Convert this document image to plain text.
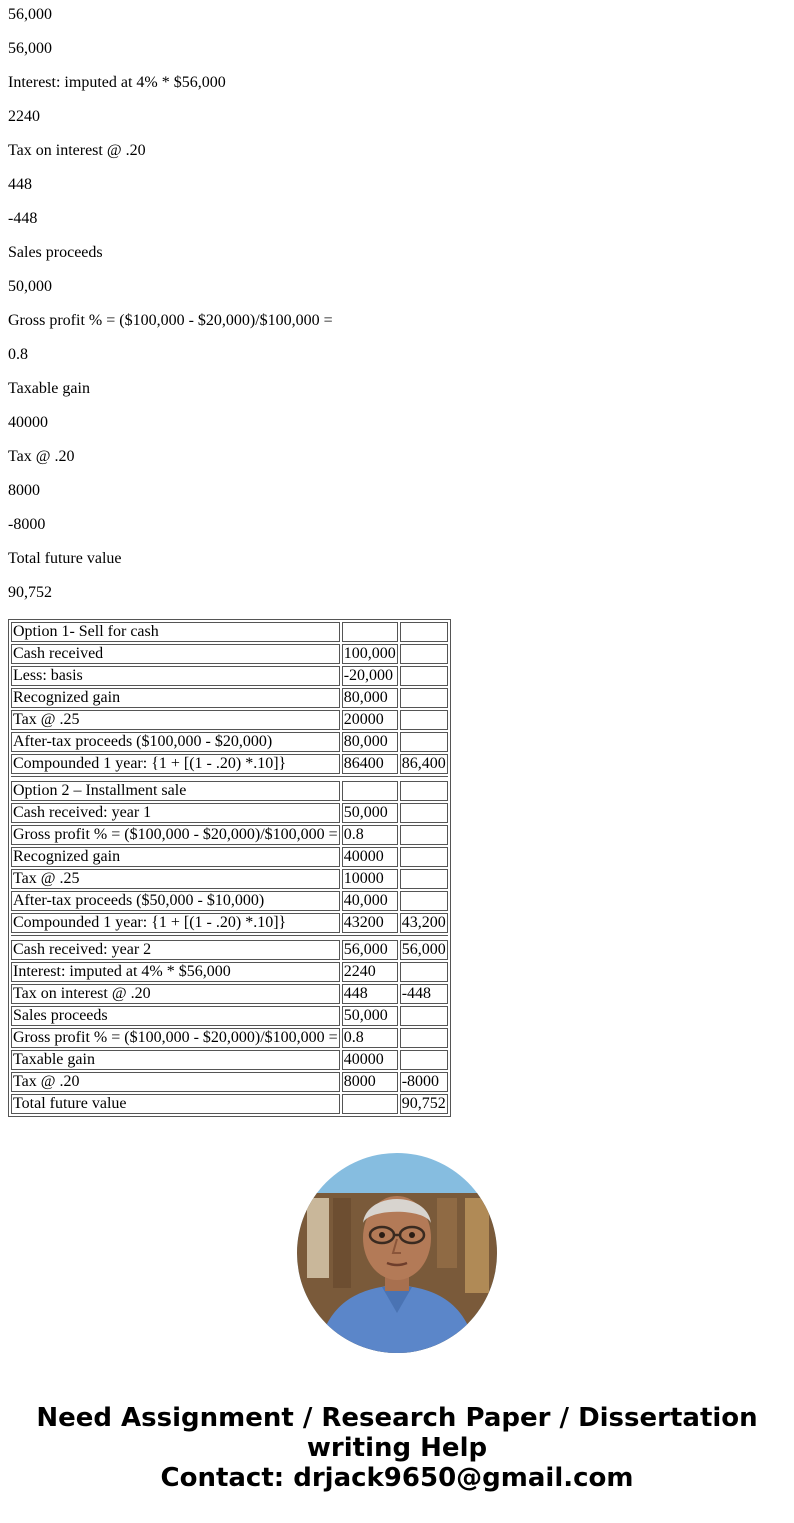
56,000

56,000

Interest: imputed at 4% * $56,000

2240

Tax on interest @ .20

448

-448

Sales proceeds

50,000

Gross profit % = ($100,000 - $20,000)/$100,000 =

0.8

Taxable gain

40000

Tax @ .20

8000

-8000

Total future value

90,752

Option 1- Sell for cash		
Cash received	100,000	
Less: basis	-20,000	
Recognized gain	80,000	
Tax @ .25	20000	
After-tax proceeds ($100,000 - $20,000)	80,000	
Compounded 1 year: {1 + [(1 - .20) *.10]}	86400	86,400

Option 2 – Installment sale		
Cash received: year 1	50,000	
Gross profit % = ($100,000 - $20,000)/$100,000 =	0.8	
Recognized gain	40000	
Tax @ .25	10000	
After-tax proceeds ($50,000 - $10,000)	40,000	
Compounded 1 year: {1 + [(1 - .20) *.10]}	43200	43,200

Cash received: year 2	56,000	56,000
Interest: imputed at 4% * $56,000	2240	
Tax on interest @ .20	448	-448
Sales proceeds	50,000	
Gross profit % = ($100,000 - $20,000)/$100,000 =	0.8	
Taxable gain	40000	
Tax @ .20	8000	-8000
Total future value		90,752
Need Assignment / Research Paper / Dissertation
writing Help
Contact: drjack9650@gmail.com
